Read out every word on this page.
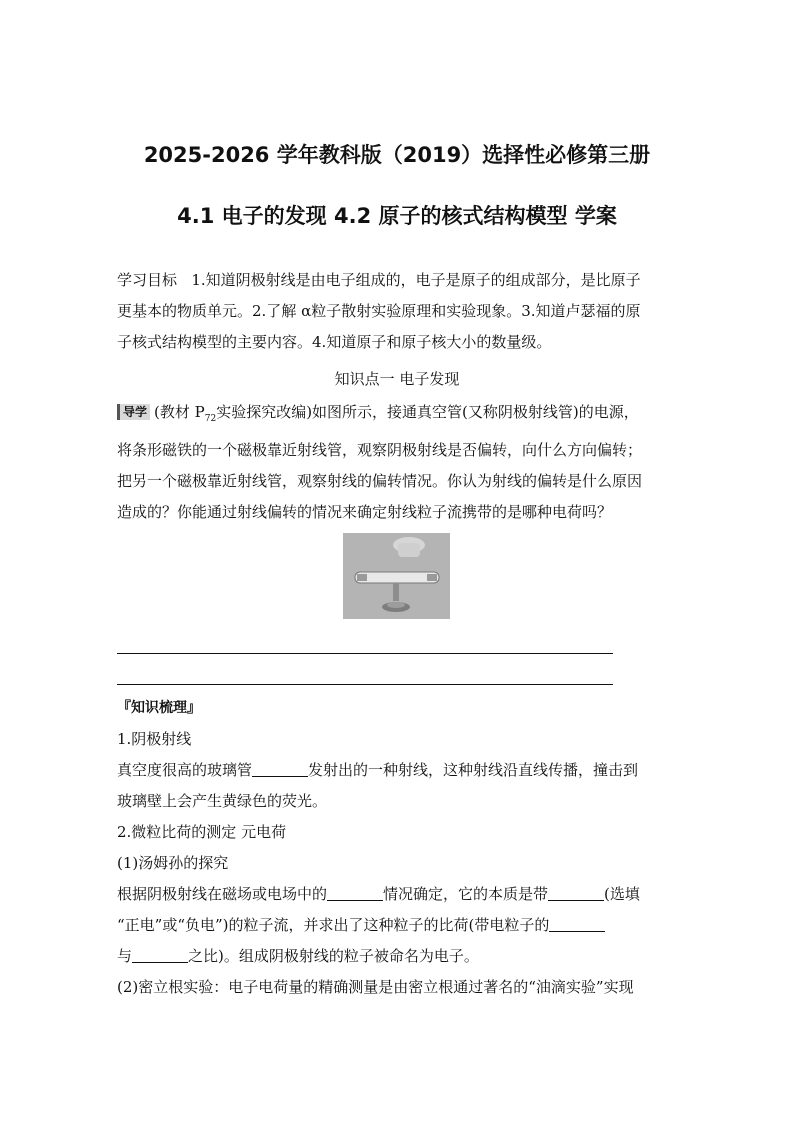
2025-2026 学年教科版（2019）选择性必修第三册
4.1 电子的发现 4.2 原子的核式结构模型 学案
学习目标 1.知道阴极射线是由电子组成的，电子是原子的组成部分，是比原子
更基本的物质单元。2.了解 α粒子散射实验原理和实验现象。3.知道卢瑟福的原
子核式结构模型的主要内容。4.知道原子和原子核大小的数量级。
知识点一 电子发现
导学 (教材 $P_{72}$实验探究改编)如图所示，接通真空管(又称阴极射线管)的电源，
将条形磁铁的一个磁极靠近射线管，观察阴极射线是否偏转，向什么方向偏转；
把另一个磁极靠近射线管，观察射线的偏转情况。你认为射线的偏转是什么原因
造成的？你能通过射线偏转的情况来确定射线粒子流携带的是哪种电荷吗？
『知识梳理』
1.阴极射线
真空度很高的玻璃管	发射出的一种射线，这种射线沿直线传播，撞击到
玻璃壁上会产生黄绿色的荧光。
2.微粒比荷的测定 元电荷
(1)汤姆孙的探究
根据阴极射线在磁场或电场中的	情况确定，它的本质是带	(选填
“正电”或“负电”)的粒子流，并求出了这种粒子的比荷(带电粒子的
与	之比)。组成阴极射线的粒子被命名为电子。
(2)密立根实验：电子电荷量的精确测量是由密立根通过著名的“油滴实验”实现
